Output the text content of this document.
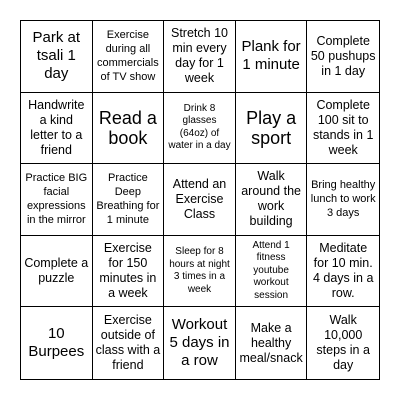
Park at tsali 1 day
Exercise during all commercials of TV show
Stretch 10 min every day for 1 week
Plank for 1 minute
Complete 50 pushups in 1 day
Handwrite a kind letter to a friend
Read a book
Drink 8 glasses (64oz) of water in a day
Play a sport
Complete 100 sit to stands in 1 week
Practice BIG facial expressions in the mirror
Practice Deep Breathing for 1 minute
Attend an Exercise Class
Walk around the work building
Bring healthy lunch to work 3 days
Complete a puzzle
Exercise for 150 minutes in a week
Sleep for 8 hours at night 3 times in a week
Attend 1 fitness youtube workout session
Meditate for 10 min. 4 days in a row.
10 Burpees
Exercise outside of class with a friend
Workout 5 days in a row
Make a healthy meal/snack
Walk 10,000 steps in a day
